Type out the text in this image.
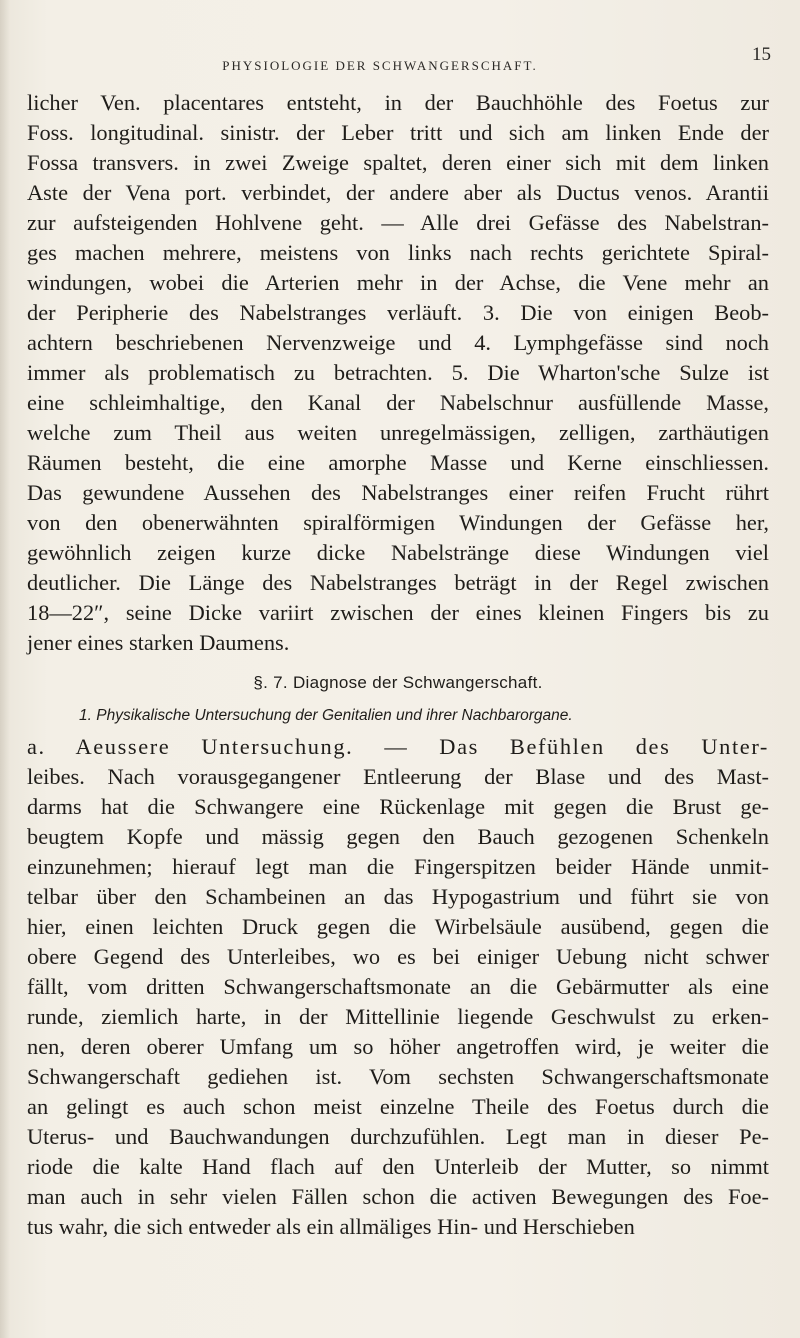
PHYSIOLOGIE DER SCHWANGERSCHAFT.
15
licher Ven. placentares entsteht, in der Bauchhöhle des Foetus zur
Foss. longitudinal. sinistr. der Leber tritt und sich am linken Ende der
Fossa transvers. in zwei Zweige spaltet, deren einer sich mit dem linken
Aste der Vena port. verbindet, der andere aber als Ductus venos. Arantii
zur aufsteigenden Hohlvene geht. — Alle drei Gefässe des Nabelstran-
ges machen mehrere, meistens von links nach rechts gerichtete Spiral-
windungen, wobei die Arterien mehr in der Achse, die Vene mehr an
der Peripherie des Nabelstranges verläuft. 3. Die von einigen Beob-
achtern beschriebenen Nervenzweige und 4. Lymphgefässe sind noch
immer als problematisch zu betrachten. 5. Die Wharton'sche Sulze ist
eine schleimhaltige, den Kanal der Nabelschnur ausfüllende Masse,
welche zum Theil aus weiten unregelmässigen, zelligen, zarthäutigen
Räumen besteht, die eine amorphe Masse und Kerne einschliessen.
Das gewundene Aussehen des Nabelstranges einer reifen Frucht rührt
von den obenerwähnten spiralförmigen Windungen der Gefässe her,
gewöhnlich zeigen kurze dicke Nabelstränge diese Windungen viel
deutlicher. Die Länge des Nabelstranges beträgt in der Regel zwischen
18—22″, seine Dicke variirt zwischen der eines kleinen Fingers bis zu
jener eines starken Daumens.
§. 7. Diagnose der Schwangerschaft.
1. Physikalische Untersuchung der Genitalien und ihrer Nachbarorgane.
a. Aeussere Untersuchung. — Das Befühlen des Unter-
leibes. Nach vorausgegangener Entleerung der Blase und des Mast-
darms hat die Schwangere eine Rückenlage mit gegen die Brust ge-
beugtem Kopfe und mässig gegen den Bauch gezogenen Schenkeln
einzunehmen; hierauf legt man die Fingerspitzen beider Hände unmit-
telbar über den Schambeinen an das Hypogastrium und führt sie von
hier, einen leichten Druck gegen die Wirbelsäule ausübend, gegen die
obere Gegend des Unterleibes, wo es bei einiger Uebung nicht schwer
fällt, vom dritten Schwangerschaftsmonate an die Gebärmutter als eine
runde, ziemlich harte, in der Mittellinie liegende Geschwulst zu erken-
nen, deren oberer Umfang um so höher angetroffen wird, je weiter die
Schwangerschaft gediehen ist. Vom sechsten Schwangerschaftsmonate
an gelingt es auch schon meist einzelne Theile des Foetus durch die
Uterus- und Bauchwandungen durchzufühlen. Legt man in dieser Pe-
riode die kalte Hand flach auf den Unterleib der Mutter, so nimmt
man auch in sehr vielen Fällen schon die activen Bewegungen des Foe-
tus wahr, die sich entweder als ein allmäliges Hin- und Herschieben
